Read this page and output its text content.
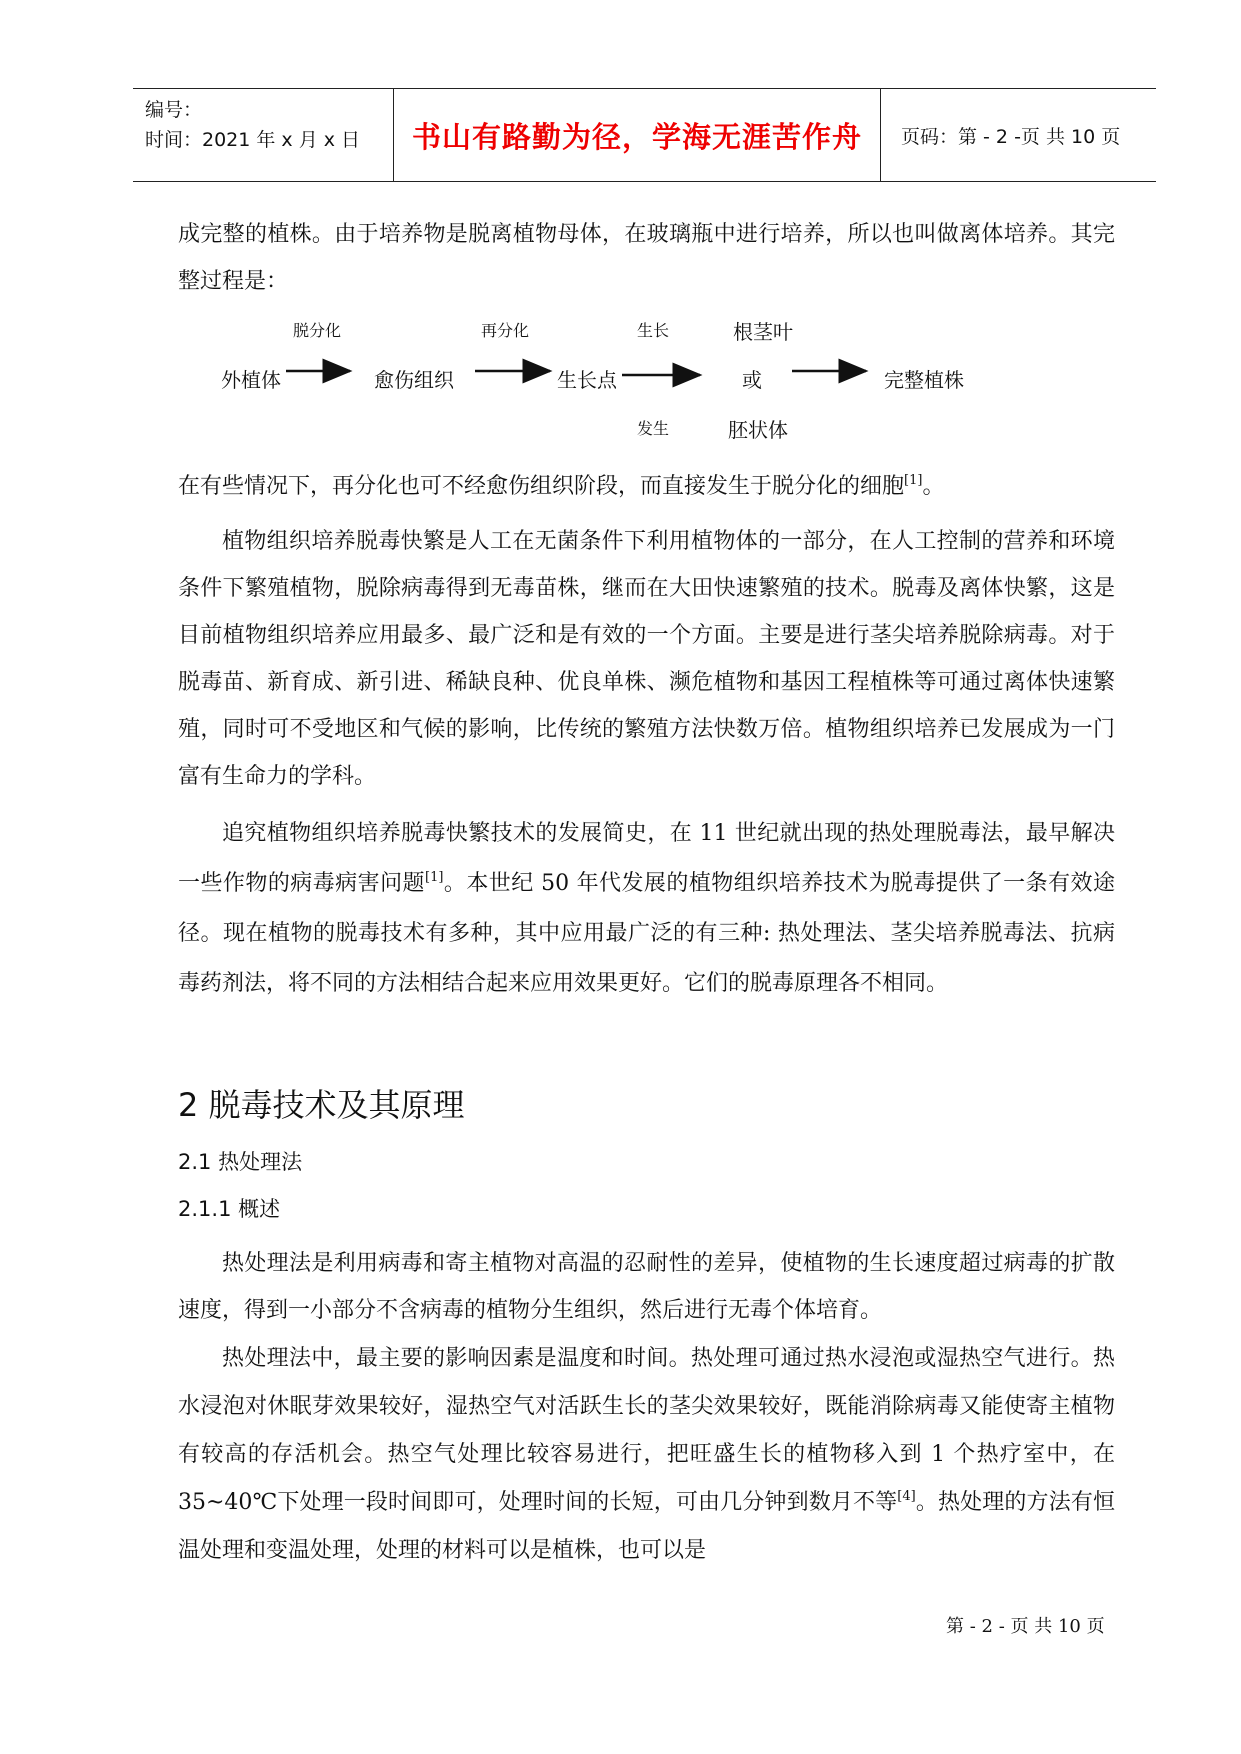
编号：
时间：2021 年 x 月 x 日	书山有路勤为径，学海无涯苦作舟	页码：第 - 2 -页 共 10 页
成完整的植株。由于培养物是脱离植物母体，在玻璃瓶中进行培养，所以也叫做离体培养。其完整过程是：
脱分化	再分化	生长	根茎叶
外植体	愈伤组织	生长点	或	完整植株
发生	胚状体
在有些情况下，再分化也可不经愈伤组织阶段，而直接发生于脱分化的细胞[1]。
植物组织培养脱毒快繁是人工在无菌条件下利用植物体的一部分，在人工控制的营养和环境条件下繁殖植物，脱除病毒得到无毒苗株，继而在大田快速繁殖的技术。脱毒及离体快繁，这是目前植物组织培养应用最多、最广泛和是有效的一个方面。主要是进行茎尖培养脱除病毒。对于脱毒苗、新育成、新引进、稀缺良种、优良单株、濒危植物和基因工程植株等可通过离体快速繁殖，同时可不受地区和气候的影响，比传统的繁殖方法快数万倍。植物组织培养已发展成为一门富有生命力的学科。
追究植物组织培养脱毒快繁技术的发展简史，在 11 世纪就出现的热处理脱毒法，最早解决一些作物的病毒病害问题[1]。本世纪 50 年代发展的植物组织培养技术为脱毒提供了一条有效途径。现在植物的脱毒技术有多种，其中应用最广泛的有三种: 热处理法、茎尖培养脱毒法、抗病毒药剂法，将不同的方法相结合起来应用效果更好。它们的脱毒原理各不相同。
2 脱毒技术及其原理
2.1 热处理法
2.1.1 概述
热处理法是利用病毒和寄主植物对高温的忍耐性的差异，使植物的生长速度超过病毒的扩散速度，得到一小部分不含病毒的植物分生组织，然后进行无毒个体培育。
热处理法中，最主要的影响因素是温度和时间。热处理可通过热水浸泡或湿热空气进行。热水浸泡对休眠芽效果较好，湿热空气对活跃生长的茎尖效果较好，既能消除病毒又能使寄主植物有较高的存活机会。热空气处理比较容易进行，把旺盛生长的植物移入到 1 个热疗室中，在 35~40℃下处理一段时间即可，处理时间的长短，可由几分钟到数月不等[4]。热处理的方法有恒温处理和变温处理，处理的材料可以是植株，也可以是
第 - 2 - 页 共 10 页
